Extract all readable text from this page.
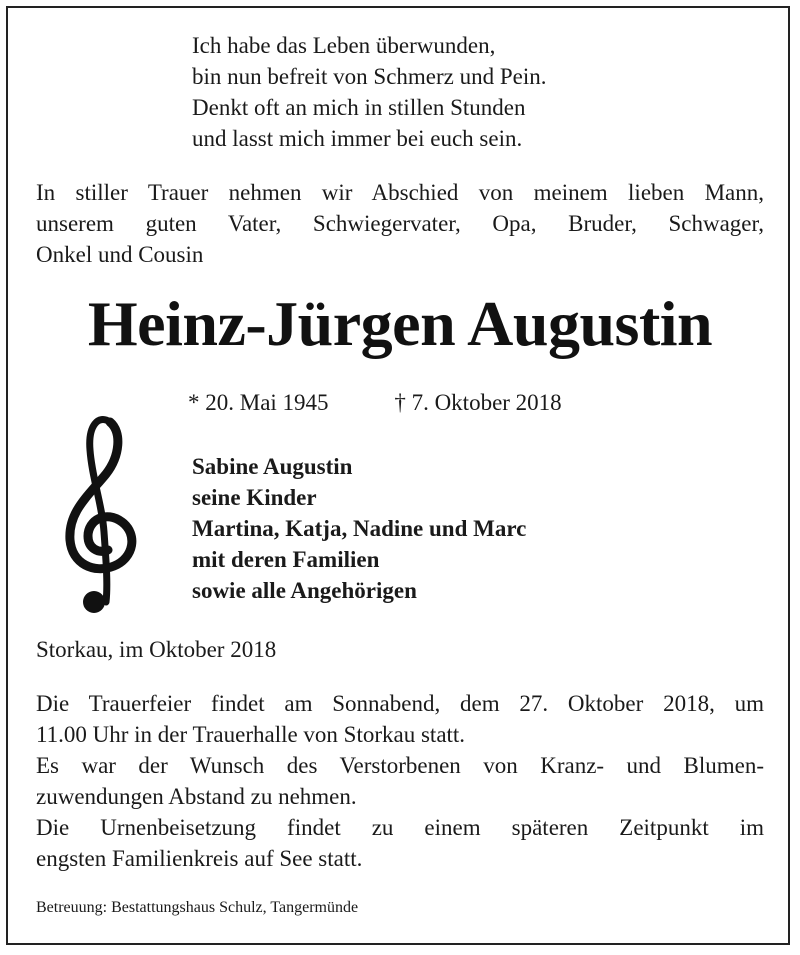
Ich habe das Leben überwunden,
bin nun befreit von Schmerz und Pein.
Denkt oft an mich in stillen Stunden
und lasst mich immer bei euch sein.
In stiller Trauer nehmen wir Abschied von meinem lieben Mann,
unserem guten Vater, Schwiegervater, Opa, Bruder, Schwager,
Onkel und Cousin
Heinz-Jürgen Augustin
* 20. Mai 1945	† 7. Oktober 2018
Sabine Augustin
seine Kinder
Martina, Katja, Nadine und Marc
mit deren Familien
sowie alle Angehörigen
Storkau, im Oktober 2018
Die Trauerfeier findet am Sonnabend, dem 27. Oktober 2018, um
11.00 Uhr in der Trauerhalle von Storkau statt.
Es war der Wunsch des Verstorbenen von Kranz- und Blumen-
zuwendungen Abstand zu nehmen.
Die Urnenbeisetzung findet zu einem späteren Zeitpunkt im
engsten Familienkreis auf See statt.
Betreuung: Bestattungshaus Schulz, Tangermünde
